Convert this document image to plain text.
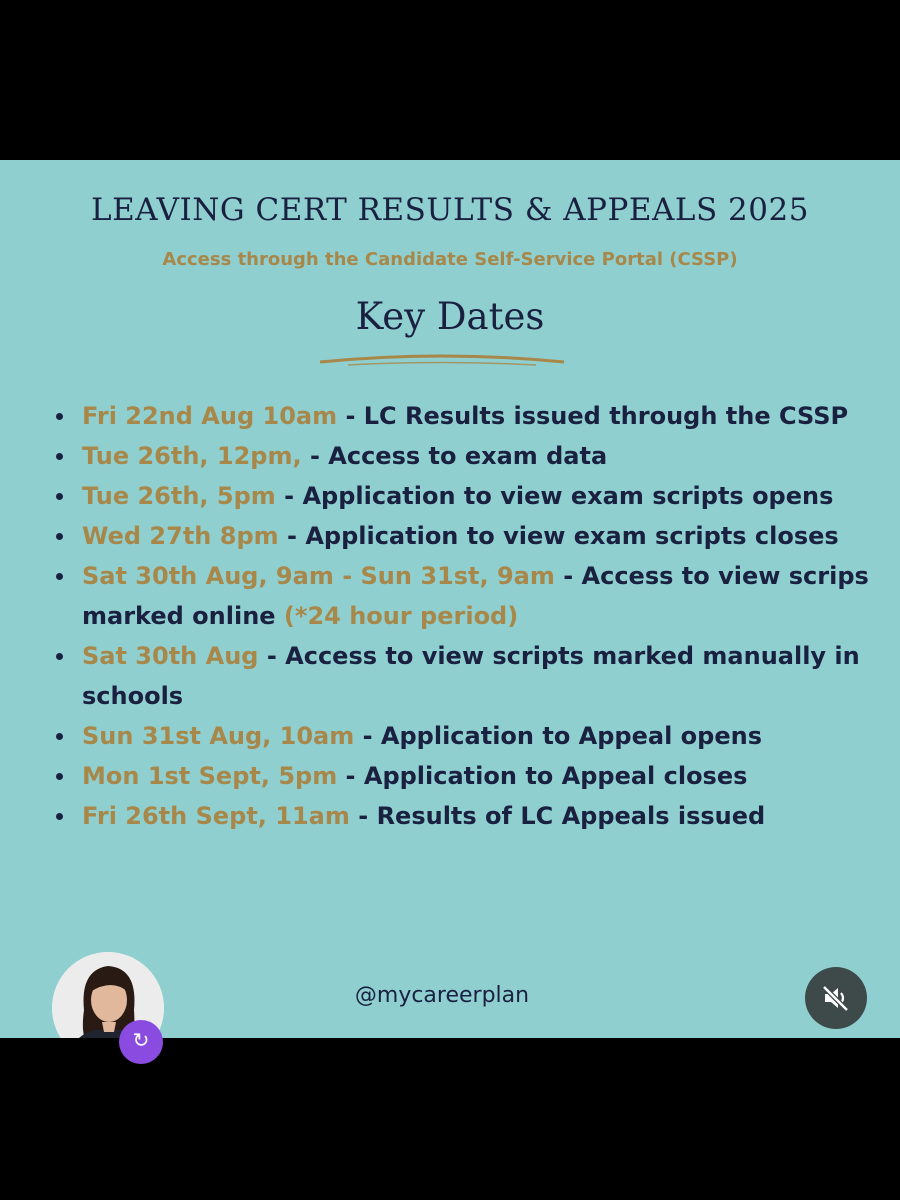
LEAVING CERT RESULTS & APPEALS 2025

Access through the Candidate Self-Service Portal (CSSP)

Key Dates
Fri 22nd Aug 10am - LC Results issued through the CSSP
Tue 26th, 12pm, - Access to exam data
Tue 26th, 5pm - Application to view exam scripts opens
Wed 27th 8pm - Application to view exam scripts closes
Sat 30th Aug, 9am - Sun 31st, 9am - Access to view scrips marked online (*24 hour period)
Sat 30th Aug - Access to view scripts marked manually in schools
Sun 31st Aug, 10am - Application to Appeal opens
Mon 1st Sept, 5pm - Application to Appeal closes
Fri 26th Sept, 11am - Results of LC Appeals issued
@mycareerplan
↻
